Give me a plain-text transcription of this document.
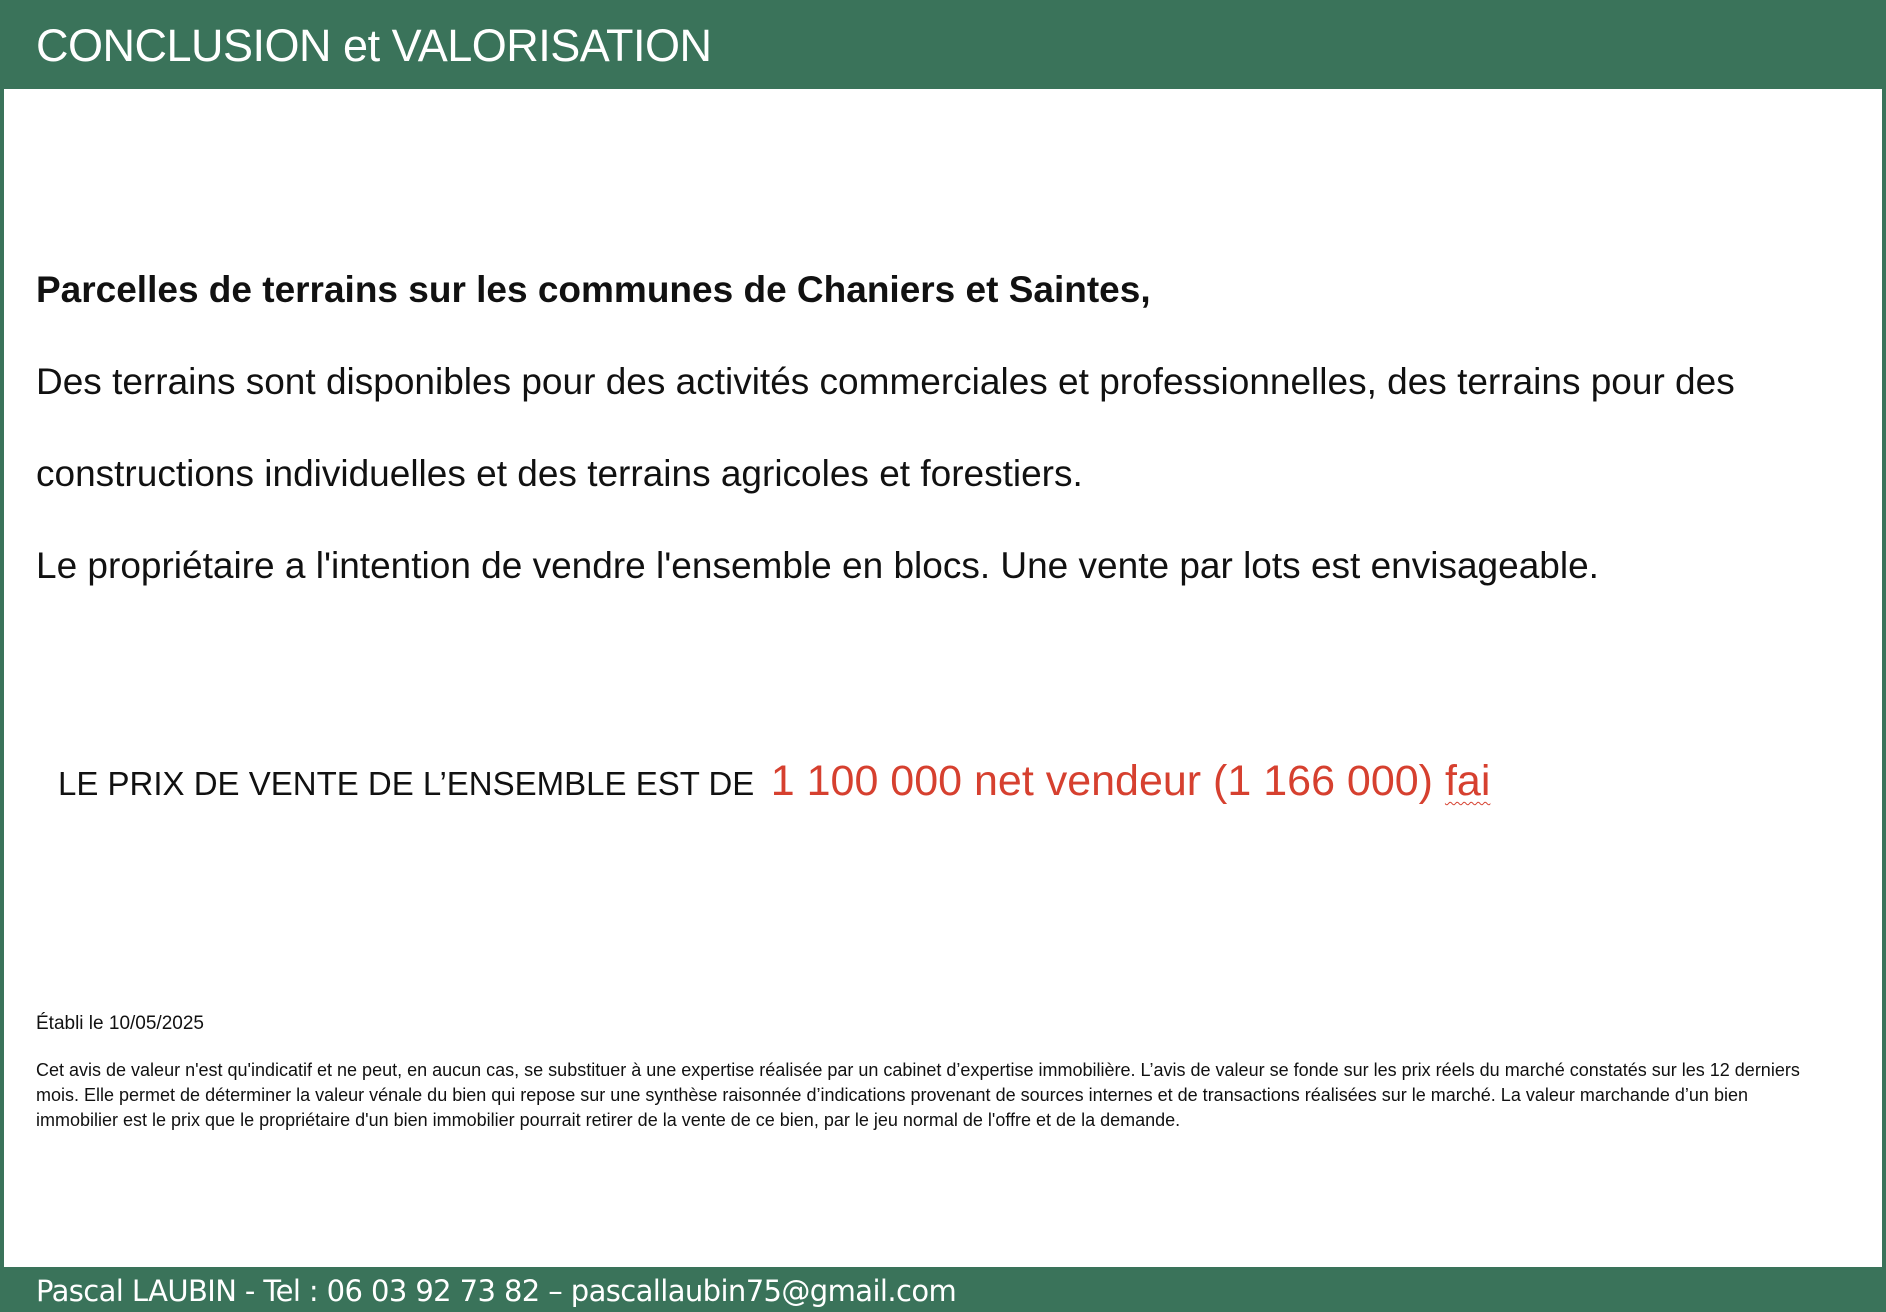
CONCLUSION et VALORISATION
Parcelles de terrains sur les communes de Chaniers et Saintes,
Des terrains sont disponibles pour des activités commerciales et professionnelles, des terrains pour des
constructions individuelles et des terrains agricoles et forestiers.
Le propriétaire a l'intention de vendre l'ensemble en blocs. Une vente par lots est envisageable.
LE PRIX DE VENTE DE L’ENSEMBLE EST DE 1 100 000 net vendeur (1 166 000) fai
Établi le 10/05/2025
Cet avis de valeur n'est qu'indicatif et ne peut, en aucun cas, se substituer à une expertise réalisée par un cabinet d’expertise immobilière. L’avis de valeur se fonde sur les prix réels du marché constatés sur les 12 derniers mois. Elle permet de déterminer la valeur vénale du bien qui repose sur une synthèse raisonnée d’indications provenant de sources internes et de transactions réalisées sur le marché. La valeur marchande d’un bien immobilier est le prix que le propriétaire d'un bien immobilier pourrait retirer de la vente de ce bien, par le jeu normal de l'offre et de la demande.
Pascal LAUBIN - Tel : 06 03 92 73 82 – pascallaubin75@gmail.com
